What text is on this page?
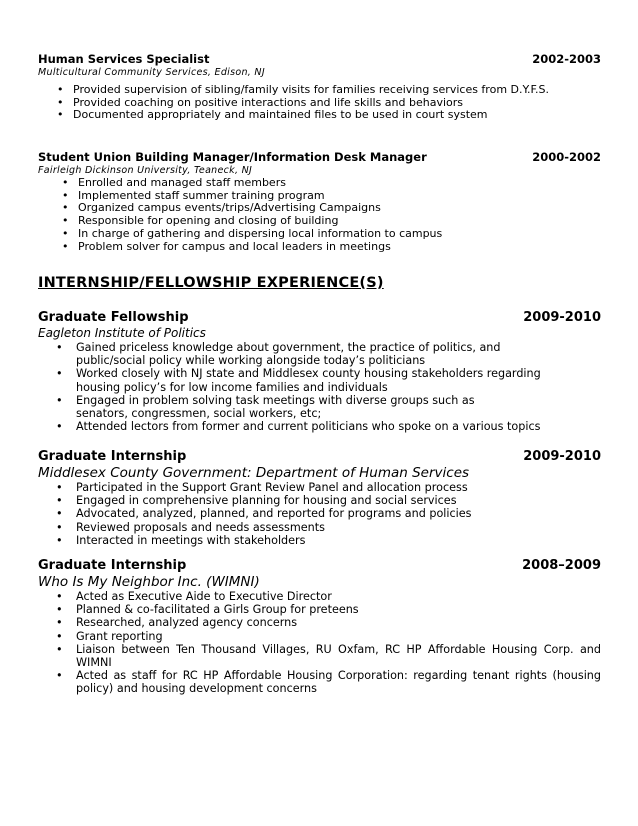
Human Services Specialist	2002-2003
Multicultural Community Services, Edison, NJ
• Provided supervision of sibling/family visits for families receiving services from D.Y.F.S.
• Provided coaching on positive interactions and life skills and behaviors
• Documented appropriately and maintained files to be used in court system
Student Union Building Manager/Information Desk Manager	2000-2002
Fairleigh Dickinson University, Teaneck, NJ
• Enrolled and managed staff members
• Implemented staff summer training program
• Organized campus events/trips/Advertising Campaigns
• Responsible for opening and closing of building
• In charge of gathering and dispersing local information to campus
• Problem solver for campus and local leaders in meetings
INTERNSHIP/FELLOWSHIP EXPERIENCE(S)
Graduate Fellowship	2009-2010
Eagleton Institute of Politics
• Gained priceless knowledge about government, the practice of politics, and public/social policy while working alongside today’s politicians
• Worked closely with NJ state and Middlesex county housing stakeholders regarding housing policy’s for low income families and individuals
• Engaged in problem solving task meetings with diverse groups such as senators, congressmen, social workers, etc;
• Attended lectors from former and current politicians who spoke on a various topics
Graduate Internship	2009-2010
Middlesex County Government: Department of Human Services
• Participated in the Support Grant Review Panel and allocation process
• Engaged in comprehensive planning for housing and social services
• Advocated, analyzed, planned, and reported for programs and policies
• Reviewed proposals and needs assessments
• Interacted in meetings with stakeholders
Graduate Internship	2008–2009
Who Is My Neighbor Inc. (WIMNI)
• Acted as Executive Aide to Executive Director
• Planned & co-facilitated a Girls Group for preteens
• Researched, analyzed agency concerns
• Grant reporting
• Liaison between Ten Thousand Villages, RU Oxfam, RC HP Affordable Housing Corp. and WIMNI
• Acted as staff for RC HP Affordable Housing Corporation: regarding tenant rights (housing policy) and housing development concerns
